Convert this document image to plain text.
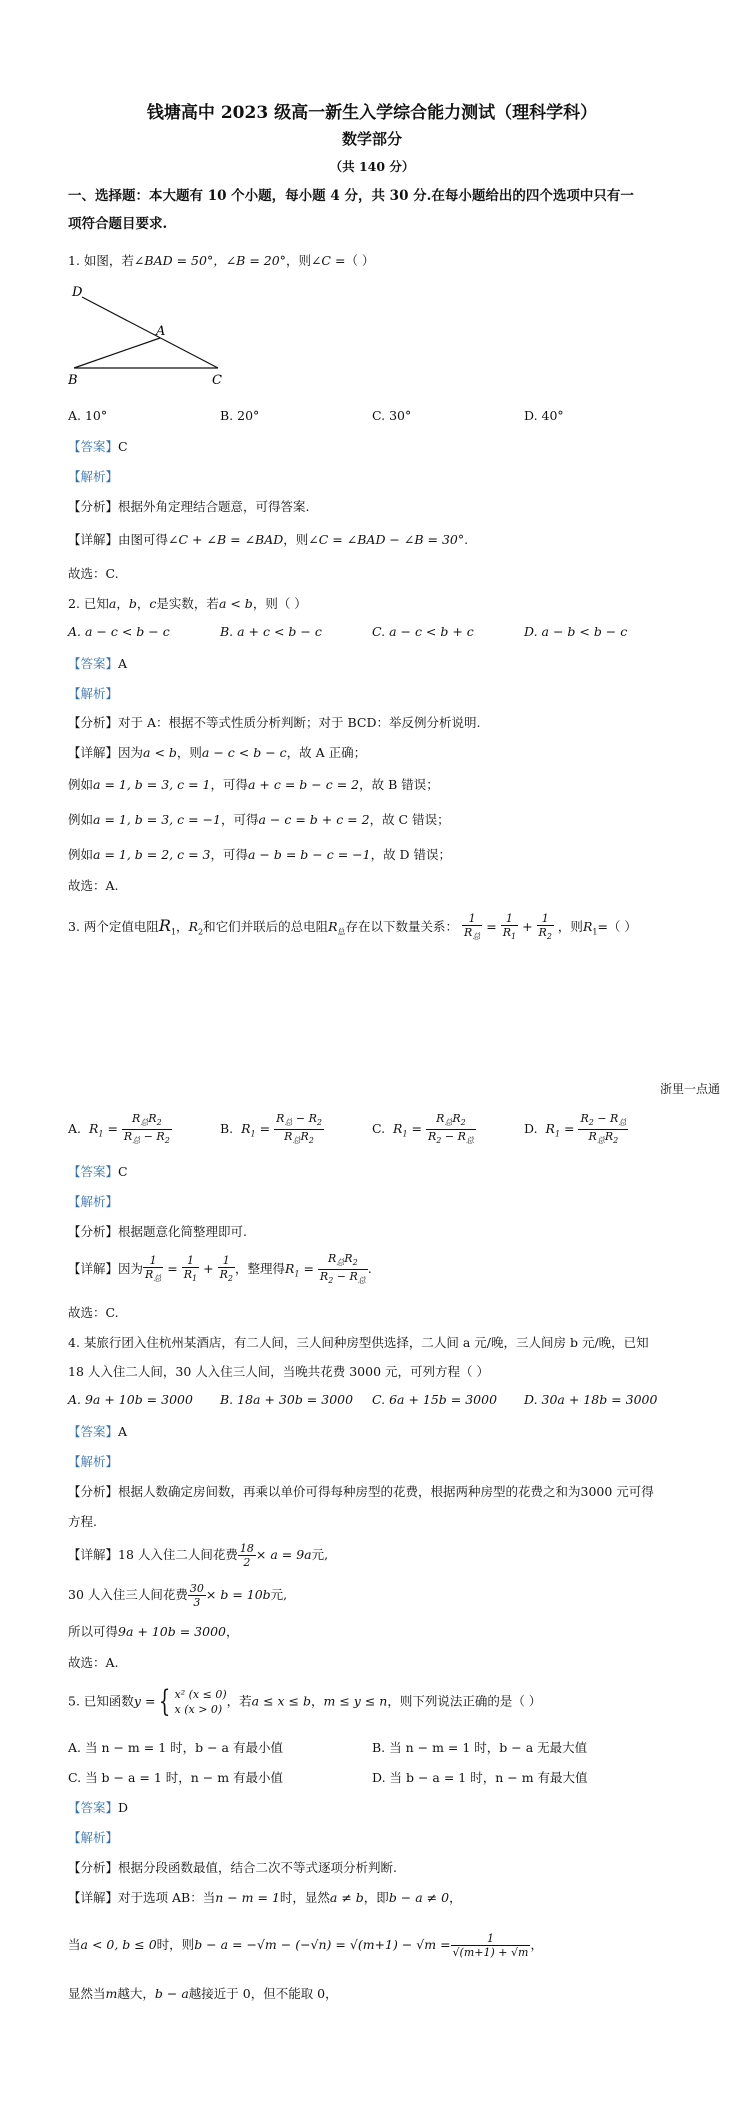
钱塘高中 2023 级高一新生入学综合能力测试（理科学科）
数学部分
（共 140 分）
一、选择题：本大题有 10 个小题，每小题 4 分，共 30 分.在每小题给出的四个选项中只有一
项符合题目要求.
1. 如图，若∠BAD = 50°，∠B = 20°，则∠C =（ ）
D
A
B	C
A. 10°	B. 20°	C. 30°	D. 40°
【答案】C
【解析】
【分析】根据外角定理结合题意，可得答案.
【详解】由图可得∠C + ∠B = ∠BAD，则∠C = ∠BAD − ∠B = 30°.
故选：C.
2. 已知a，b，c是实数，若a < b，则（ ）
A. a − c < b − c	B. a + c < b − c	C. a − c < b + c	D. a − b < b − c
【答案】A
【解析】
【分析】对于 A：根据不等式性质分析判断；对于 BCD：举反例分析说明.
【详解】因为a < b，则a − c < b − c，故 A 正确；
例如a = 1, b = 3, c = 1，可得a + c = b − c = 2，故 B 错误；
例如a = 1, b = 3, c = −1，可得a − c = b + c = 2，故 C 错误；
例如a = 1, b = 2, c = 3，可得a − b = b − c = −1，故 D 错误；
故选：A.
3. 两个定值电阻$R_1$，$R_2$和它们并联后的总电阻$R_总$存在以下数量关系： $\frac{1}{R_总} = \frac{1}{R_1} + \frac{1}{R_2}$ ，则$R_1=$（ ）
浙里一点通
A. $R_1 = \frac{R_总R_2}{R_总 - R_2}$	B. $R_1 = \frac{R_总 - R_2}{R_总R_2}$	C. $R_1 = \frac{R_总R_2}{R_2 - R_总}$	D. $R_1 = \frac{R_2 - R_总}{R_总R_2}$
【答案】C
【解析】
【分析】根据题意化简整理即可.
【详解】因为 $\frac{1}{R_总} = \frac{1}{R_1} + \frac{1}{R_2}$ ，整理得$R_1 = \frac{R_总R_2}{R_2 - R_总}$ .
故选：C.
4. 某旅行团入住杭州某酒店，有二人间，三人间种房型供选择，二人间 a 元/晚，三人间房 b 元/晚，已知
18 人入住二人间，30 人入住三人间，当晚共花费 3000 元，可列方程（ ）
A. 9a + 10b = 3000 B. 18a + 30b = 3000 C. 6a + 15b = 3000 D. 30a + 18b = 3000
【答案】A
【解析】
【分析】根据人数确定房间数，再乘以单价可得每种房型的花费，根据两种房型的花费之和为3000 元可得
方程.
【详解】18 人入住二人间花费 $\frac{18}{2} \times a = 9a$元,
30 人入住三人间花费 $\frac{30}{3} \times b = 10b$元,
所以可得9a + 10b = 3000，
故选：A.
5. 已知函数y = { x² (x ≤ 0)
x (x > 0)
，若a ≤ x ≤ b，m ≤ y ≤ n，则下列说法正确的是（ ）
A. 当 n − m = 1 时，b − a 有最小值	B. 当 n − m = 1 时，b − a 无最大值
C. 当 b − a = 1 时，n − m 有最小值	D. 当 b − a = 1 时，n − m 有最大值
【答案】D
【解析】
【分析】根据分段函数最值，结合二次不等式逐项分析判断.
【详解】对于选项 AB：当n − m = 1时，显然a ≠ b，即b − a ≠ 0，
当a < 0, b ≤ 0时，则$b - a = -√m - (-√n) = √(m+1) - √m = \frac{1}{√(m+1) + √m}$ ，
显然当m越大，b − a越接近于 0，但不能取 0，
